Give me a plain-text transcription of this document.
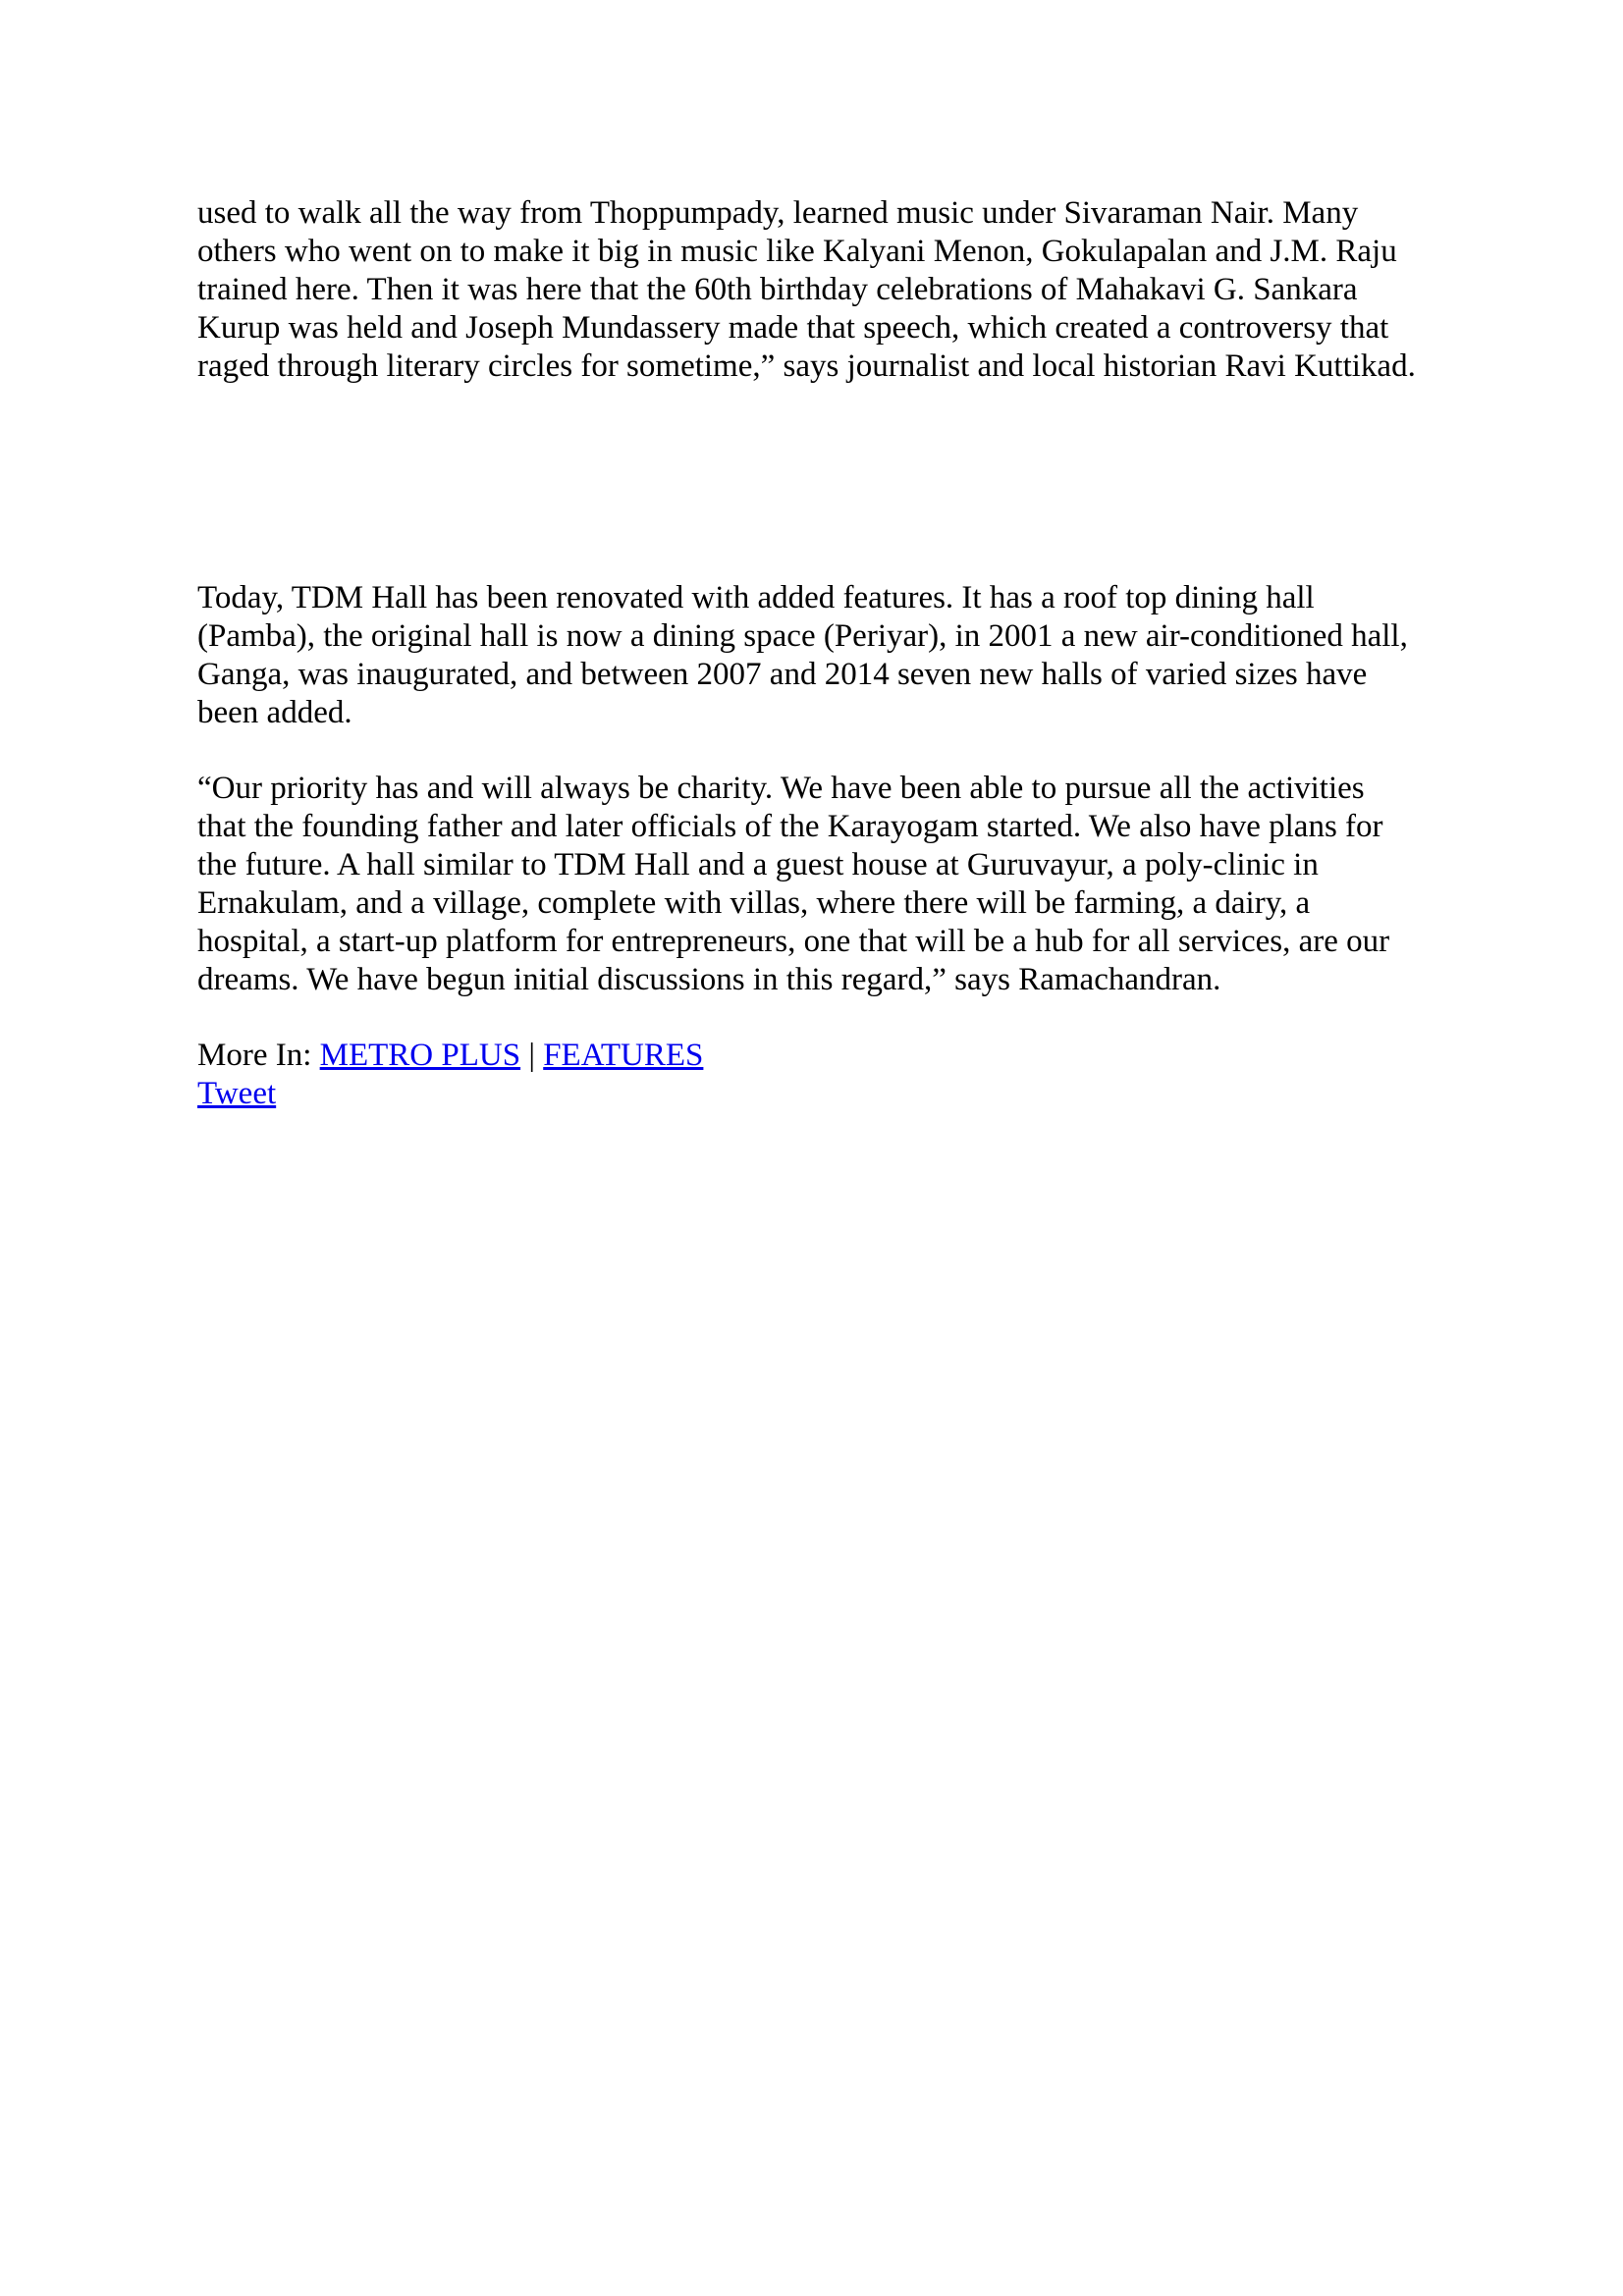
used to walk all the way from Thoppumpady, learned music under Sivaraman Nair. Many
others who went on to make it big in music like Kalyani Menon, Gokulapalan and J.M. Raju
trained here. Then it was here that the 60th birthday celebrations of Mahakavi G. Sankara
Kurup was held and Joseph Mundassery made that speech, which created a controversy that
raged through literary circles for sometime,” says journalist and local historian Ravi Kuttikad.
Today, TDM Hall has been renovated with added features. It has a roof top dining hall
(Pamba), the original hall is now a dining space (Periyar), in 2001 a new air-conditioned hall,
Ganga, was inaugurated, and between 2007 and 2014 seven new halls of varied sizes have
been added.
“Our priority has and will always be charity. We have been able to pursue all the activities
that the founding father and later officials of the Karayogam started. We also have plans for
the future. A hall similar to TDM Hall and a guest house at Guruvayur, a poly-clinic in
Ernakulam, and a village, complete with villas, where there will be farming, a dairy, a
hospital, a start-up platform for entrepreneurs, one that will be a hub for all services, are our
dreams. We have begun initial discussions in this regard,” says Ramachandran.
More In: METRO PLUS | FEATURES
Tweet
